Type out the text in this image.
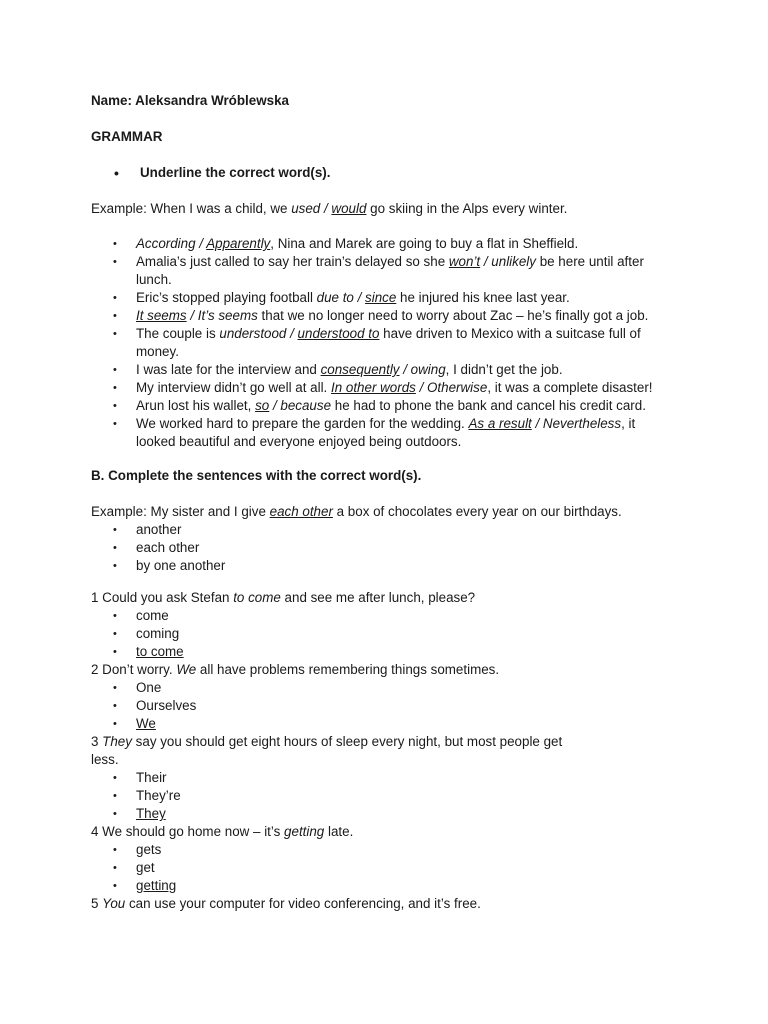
Name: Aleksandra Wróblewska
GRAMMAR
• Underline the correct word(s).
Example: When I was a child, we used / would go skiing in the Alps every winter.
• According / Apparently, Nina and Marek are going to buy a flat in Sheffield.
• Amalia’s just called to say her train’s delayed so she won’t / unlikely be here until after
lunch.
• Eric’s stopped playing football due to / since he injured his knee last year.
• It seems / It’s seems that we no longer need to worry about Zac – he’s finally got a job.
• The couple is understood / understood to have driven to Mexico with a suitcase full of
money.
• I was late for the interview and consequently / owing, I didn’t get the job.
• My interview didn’t go well at all. In other words / Otherwise, it was a complete disaster!
• Arun lost his wallet, so / because he had to phone the bank and cancel his credit card.
• We worked hard to prepare the garden for the wedding. As a result / Nevertheless, it
looked beautiful and everyone enjoyed being outdoors.
B. Complete the sentences with the correct word(s).
Example: My sister and I give each other a box of chocolates every year on our birthdays.
• another
• each other
• by one another
1 Could you ask Stefan to come and see me after lunch, please?
• come
• coming
• to come
2 Don’t worry. We all have problems remembering things sometimes.
• One
• Ourselves
• We
3 They say you should get eight hours of sleep every night, but most people get
less.
• Their
• They’re
• They
4 We should go home now – it’s getting late.
• gets
• get
• getting
5 You can use your computer for video conferencing, and it’s free.
